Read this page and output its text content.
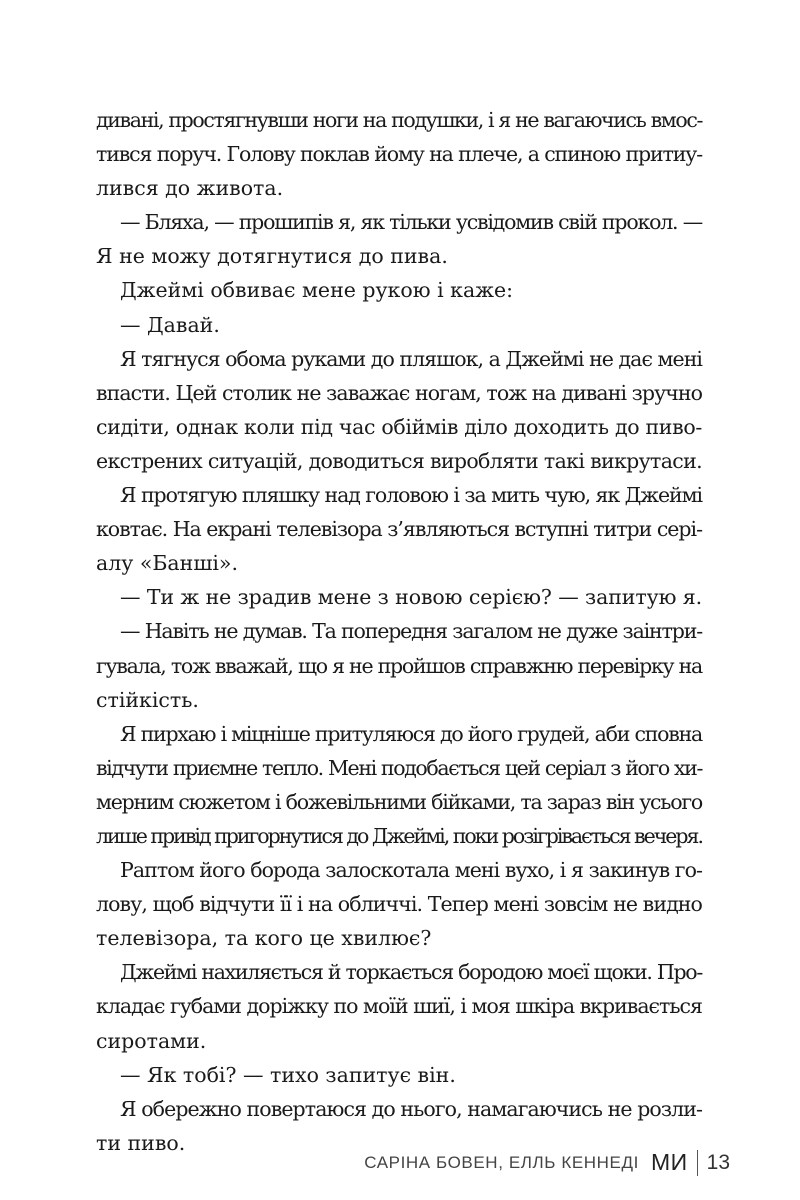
дивані, простягнувши ноги на подушки, і я не вагаючись вмос-
тився поруч. Голову поклав йому на плече, а спиною притиу-
лився до живота.
— Бляха, — прошипів я, як тільки усвідомив свій прокол. —
Я не можу дотягнутися до пива.
Джеймі обвиває мене рукою і каже:
— Давай.
Я тягнуся обома руками до пляшок, а Джеймі не дає мені
впасти. Цей столик не заважає ногам, тож на дивані зручно
сидіти, однак коли під час обіймів діло доходить до пиво-
екстрених ситуацій, доводиться виробляти такі викрутаси.
Я протягую пляшку над головою і за мить чую, як Джеймі
ковтає. На екрані телевізора з’являються вступні титри сері-
алу «Банші».
— Ти ж не зрадив мене з новою серією? — запитую я.
— Навіть не думав. Та попередня загалом не дуже заінтри-
гувала, тож вважай, що я не пройшов справжню перевірку на
стійкість.
Я пирхаю і міцніше притуляюся до його грудей, аби сповна
відчути приємне тепло. Мені подобається цей серіал з його хи-
мерним сюжетом і божевільними бійками, та зараз він усього
лише привід пригорнутися до Джеймі, поки розігрівається вечеря.
Раптом його борода залоскотала мені вухо, і я закинув го-
лову, щоб відчути її і на обличчі. Тепер мені зовсім не видно
телевізора, та кого це хвилює?
Джеймі нахиляється й торкається бородою моєї щоки. Про-
кладає губами доріжку по моїй шиї, і моя шкіра вкривається
сиротами.
— Як тобі? — тихо запитує він.
Я обережно повертаюся до нього, намагаючись не розли-
ти пиво.
САРІНА БОВЕН, ЕЛЛЬ КЕННЕДІ МИ 13
